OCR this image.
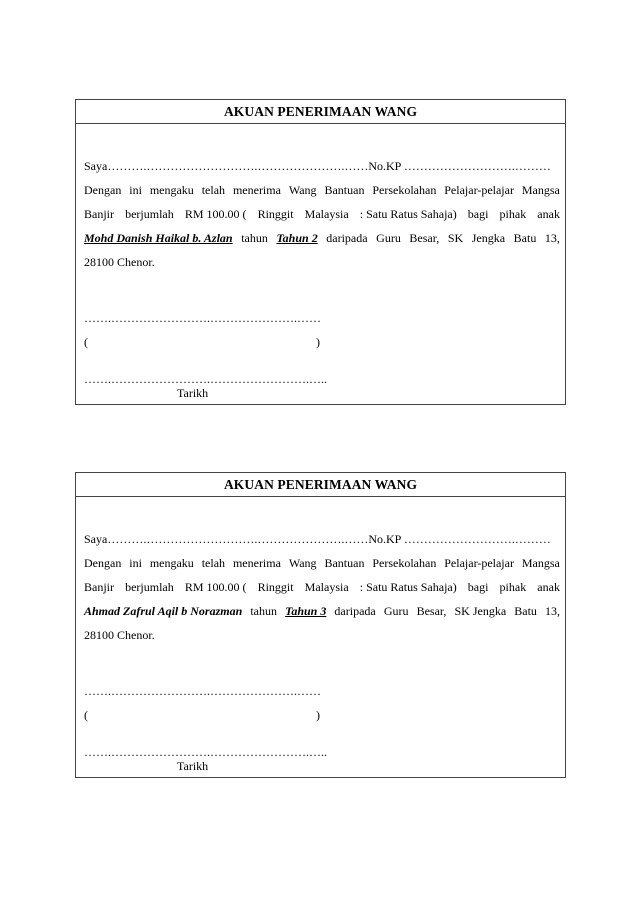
AKUAN PENERIMAAN WANG
Saya……….……………………….………………….……No.KP ……………………….………
Dengan ini mengaku telah menerima Wang Bantuan Persekolahan Pelajar-pelajar Mangsa
Banjir berjumlah RM 100.00 ( Ringgit Malaysia : Satu Ratus Sahaja) bagi pihak anak
Mohd Danish Haikal b. Azlan tahun Tahun 2 daripada Guru Besar, SK Jengka Batu 13,
28100 Chenor.
…….…………………….………………….……
(	)
…….…………………….…………………….…..
Tarikh
AKUAN PENERIMAAN WANG
Saya……….……………………….………………….……No.KP ……………………….………
Dengan ini mengaku telah menerima Wang Bantuan Persekolahan Pelajar-pelajar Mangsa
Banjir berjumlah RM 100.00 ( Ringgit Malaysia : Satu Ratus Sahaja) bagi pihak anak
Ahmad Zafrul Aqil b Norazman tahun Tahun 3 daripada Guru Besar, SK Jengka Batu 13,
28100 Chenor.
…….…………………….………………….……
(	)
…….…………………….…………………….…..
Tarikh
